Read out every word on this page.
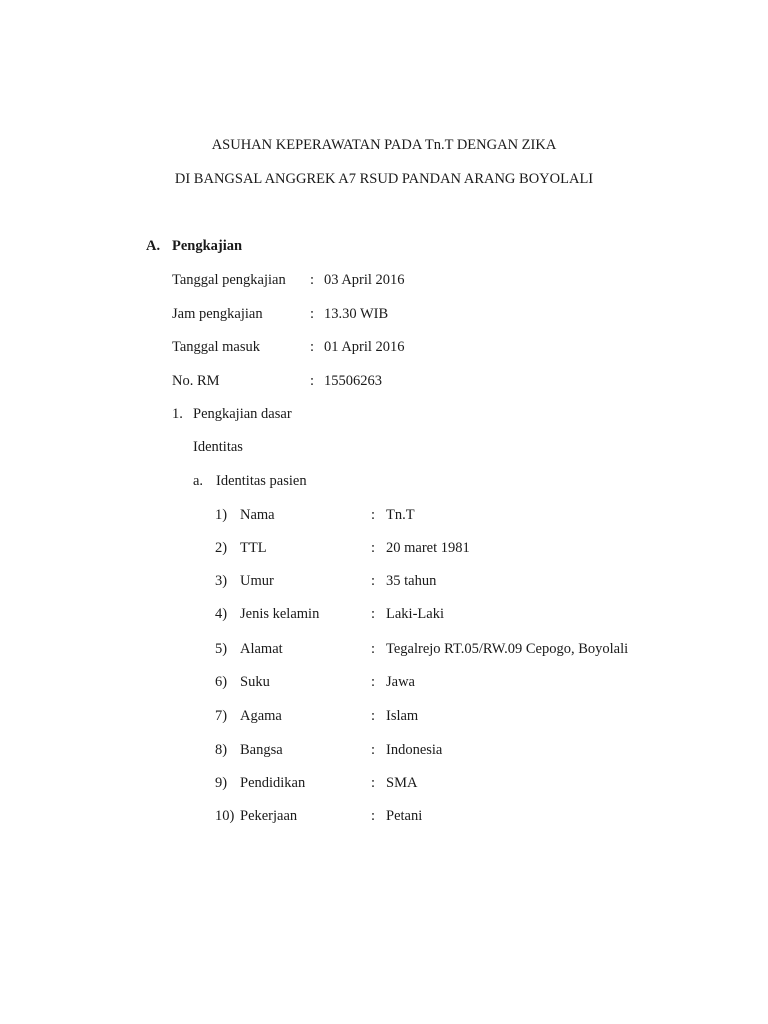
ASUHAN KEPERAWATAN PADA Tn.T DENGAN ZIKA
DI BANGSAL ANGGREK A7 RSUD PANDAN ARANG BOYOLALI
A. Pengkajian
Tanggal pengkajian : 03 April 2016
Jam pengkajian	: 13.30 WIB
Tanggal masuk	: 01 April 2016
No. RM	: 15506263
1. Pengkajian dasar
Identitas
a. Identitas pasien
1) Nama	: Tn.T
2) TTL	: 20 maret 1981
3) Umur	: 35 tahun
4) Jenis kelamin	: Laki-Laki
5) Alamat	: Tegalrejo RT.05/RW.09 Cepogo, Boyolali
6) Suku	: Jawa
7) Agama	: Islam
8) Bangsa	: Indonesia
9) Pendidikan	: SMA
10) Pekerjaan	: Petani
